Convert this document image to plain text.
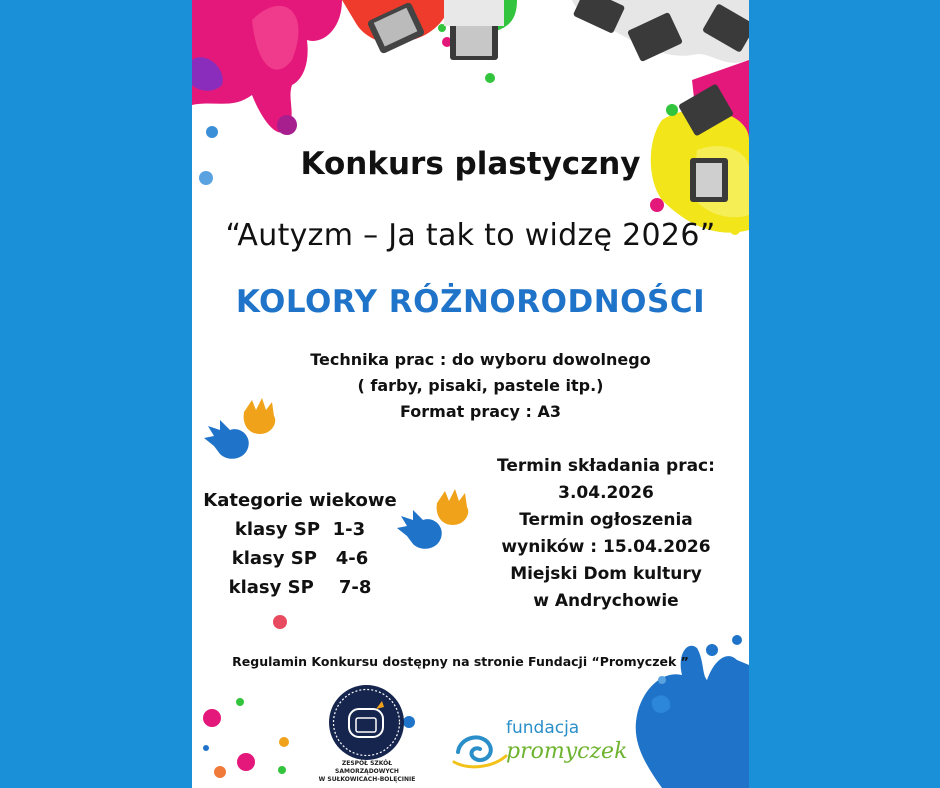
Konkurs plastyczny
“Autyzm – Ja tak to widzę 2026”
KOLORY RÓŻNORODNOŚCI
Technika prac : do wyboru dowolnego
( farby, pisaki, pastele itp.)
Format pracy : A3
Kategorie wiekowe
klasy SP  1-3
klasy SP   4-6
klasy SP    7-8
Termin składania prac:
3.04.2026
Termin ogłoszenia
wyników : 15.04.2026
Miejski Dom kultury
w Andrychowie
Regulamin Konkursu dostępny na stronie Fundacji “Promyczek ”
ZESPÓŁ SZKÓŁ SAMORZĄDOWYCH
W SUŁKOWICACH-BOLĘCINIE
fundacja
promyczek
